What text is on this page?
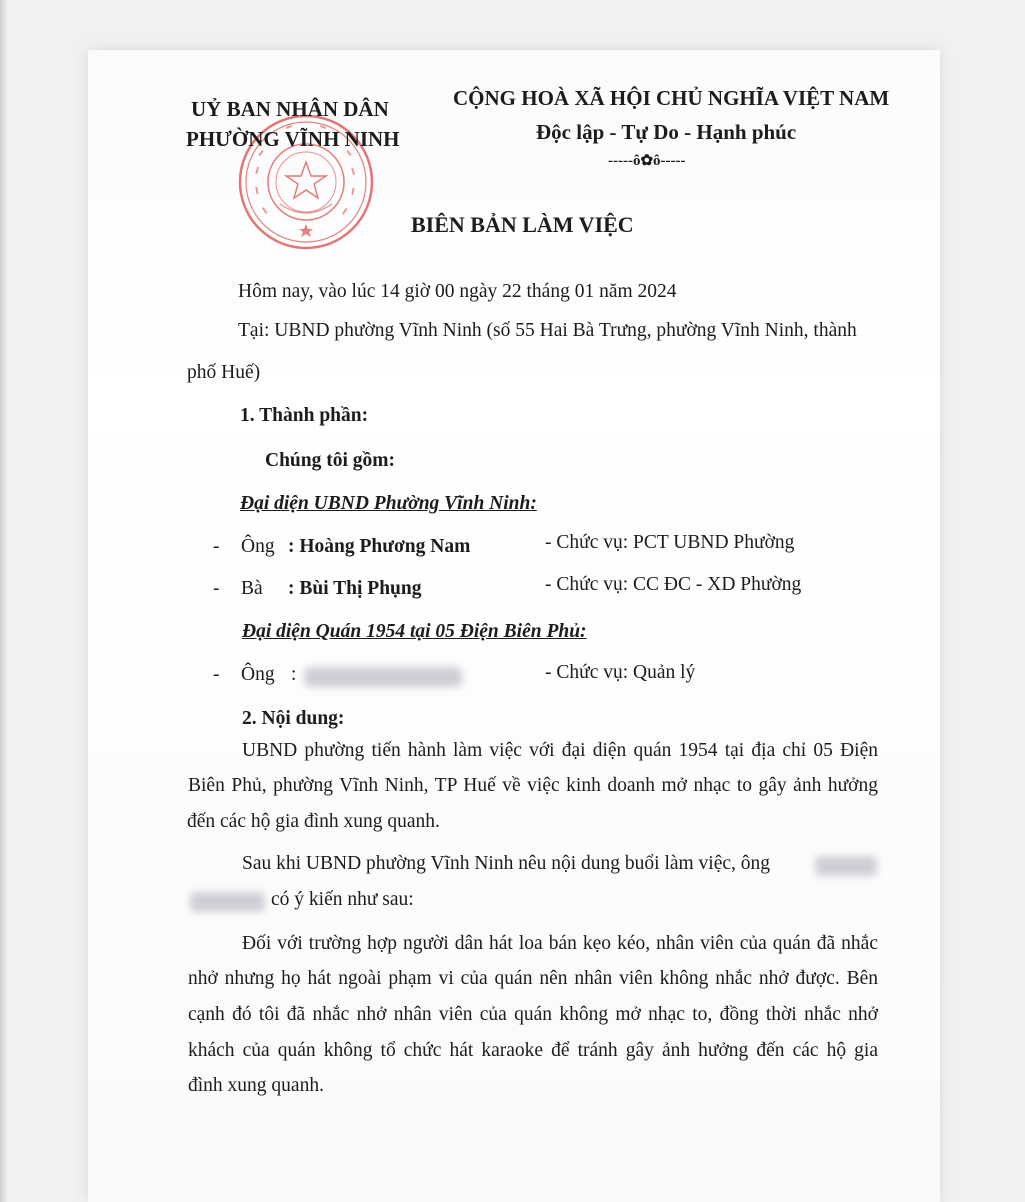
UỶ BAN NHÂN DÂN
PHƯỜNG VĨNH NINH
CỘNG HOÀ XÃ HỘI CHỦ NGHĨA VIỆT NAM
Độc lập - Tự Do - Hạnh phúc
-----ô✿ô-----
BIÊN BẢN LÀM VIỆC
Hôm nay, vào lúc 14 giờ 00 ngày 22 tháng 01 năm 2024
Tại: UBND phường Vĩnh Ninh (số 55 Hai Bà Trưng, phường Vĩnh Ninh, thành
phố Huế)
1. Thành phần:
Chúng tôi gồm:
Đại diện UBND Phường Vĩnh Ninh:
- Ông : Hoàng Phương Nam	- Chức vụ: PCT UBND Phường
- Bà : Bùi Thị Phụng	- Chức vụ: CC ĐC - XD Phường
Đại diện Quán 1954 tại 05 Điện Biên Phủ:
- Ông :	- Chức vụ: Quản lý
2. Nội dung:
UBND phường tiến hành làm việc với đại diện quán 1954 tại địa chỉ 05 Điện
Biên Phủ, phường Vĩnh Ninh, TP Huế về việc kinh doanh mở nhạc to gây ảnh hưởng
đến các hộ gia đình xung quanh.
Sau khi UBND phường Vĩnh Ninh nêu nội dung buổi làm việc, ông
có ý kiến như sau:
Đối với trường hợp người dân hát loa bán kẹo kéo, nhân viên của quán đã nhắc
nhở nhưng họ hát ngoài phạm vi của quán nên nhân viên không nhắc nhở được. Bên
cạnh đó tôi đã nhắc nhở nhân viên của quán không mở nhạc to, đồng thời nhắc nhở
khách của quán không tổ chức hát karaoke để tránh gây ảnh hưởng đến các hộ gia
đình xung quanh.
